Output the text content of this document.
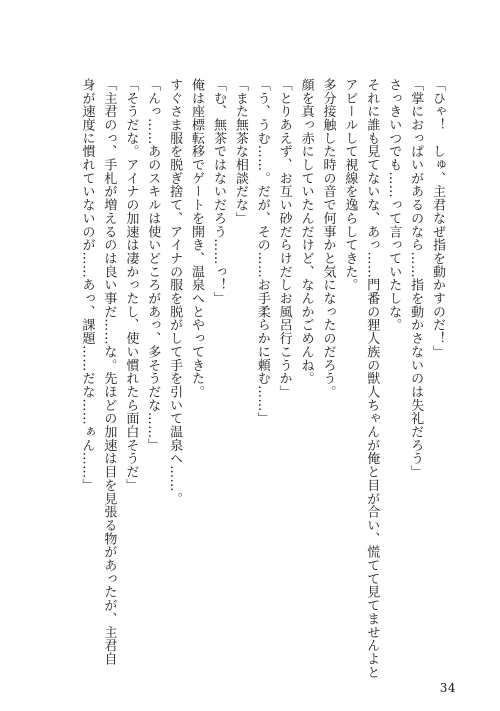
「ひゃ！　しゅ、主君なぜ指を動かすのだ！」
「掌におっぱいがあるのなら……指を動かさないのは失礼だろう」
さっきいつでも……って言っていたしな。
それに誰も見てないな、あっ……門番の狸人族の獣人ちゃんが俺と目が合い、慌てて見てませんよと
アピールして視線を逸らしてきた。
多分接触した時の音で何事かと気になったのだろう。
顔を真っ赤にしていたんだけど、なんかごめんね。
「とりあえず、お互い砂だらけだしお風呂行こうか」
「う、うむ……。だが、その……お手柔らかに頼む……」
「また無茶な相談だな」
「む、無茶ではないだろう……っ！」
俺は座標転移でゲートを開き、温泉へとやってきた。
すぐさま服を脱ぎ捨て、アイナの服を脱がして手を引いて温泉へ……。
「んっ……あのスキルは使いどころがあっ、多そうだな……」
「そうだな。アイナの加速は凄かったし、使い慣れたら面白そうだ」
「主君のっ、手札が増えるのは良い事だ……な。先ほどの加速は目を見張る物があったが、主君自
身が速度に慣れていないのが……あっ、課題……だな……ぁん……」
34
